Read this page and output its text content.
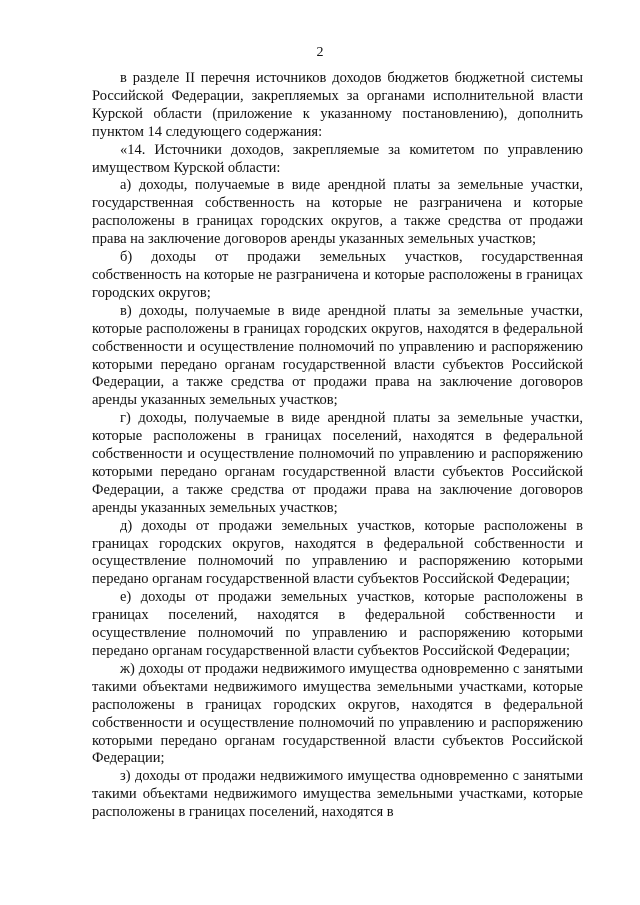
2

в разделе II перечня источников доходов бюджетов бюджетной системы Российской Федерации, закрепляемых за органами исполнительной власти Курской области (приложение к указанному постановлению), дополнить пунктом 14 следующего содержания:

«14. Источники доходов, закрепляемые за комитетом по управлению имуществом Курской области:

а) доходы, получаемые в виде арендной платы за земельные участки, государственная собственность на которые не разграничена и которые расположены в границах городских округов, а также средства от продажи права на заключение договоров аренды указанных земельных участков;

б) доходы от продажи земельных участков, государственная собственность на которые не разграничена и которые расположены в границах городских округов;

в) доходы, получаемые в виде арендной платы за земельные участки, которые расположены в границах городских округов, находятся в федеральной собственности и осуществление полномочий по управлению и распоряжению которыми передано органам государственной власти субъектов Российской Федерации, а также средства от продажи права на заключение договоров аренды указанных земельных участков;

г) доходы, получаемые в виде арендной платы за земельные участки, которые расположены в границах поселений, находятся в федеральной собственности и осуществление полномочий по управлению и распоряжению которыми передано органам государственной власти субъектов Российской Федерации, а также средства от продажи права на заключение договоров аренды указанных земельных участков;

д) доходы от продажи земельных участков, которые расположены в границах городских округов, находятся в федеральной собственности и осуществление полномочий по управлению и распоряжению которыми передано органам государственной власти субъектов Российской Федерации;

е) доходы от продажи земельных участков, которые расположены в границах поселений, находятся в федеральной собственности и осуществление полномочий по управлению и распоряжению которыми передано органам государственной власти субъектов Российской Федерации;

ж) доходы от продажи недвижимого имущества одновременно с занятыми такими объектами недвижимого имущества земельными участками, которые расположены в границах городских округов, находятся в федеральной собственности и осуществление полномочий по управлению и распоряжению которыми передано органам государственной власти субъектов Российской Федерации;

з) доходы от продажи недвижимого имущества одновременно с занятыми такими объектами недвижимого имущества земельными участками, которые расположены в границах поселений, находятся в
